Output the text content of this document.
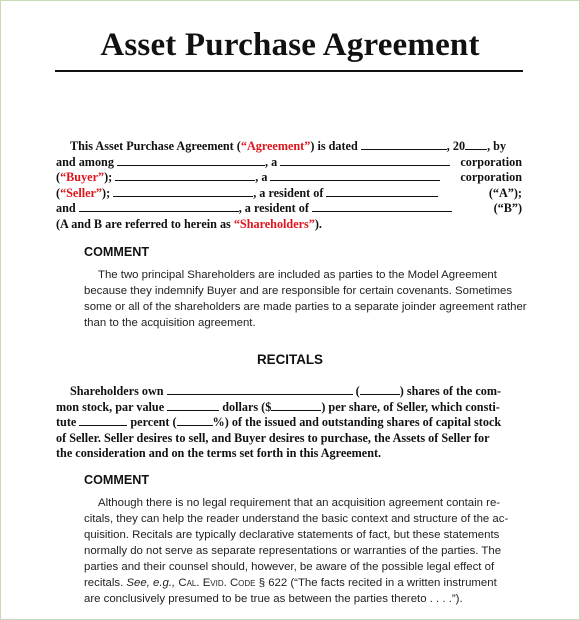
Asset Purchase Agreement
This Asset Purchase Agreement (“Agreement”) is dated	, 20 , by
and among	, a	corporation
(“Buyer”);	, a	corporation
(“Seller”);	, a resident of	(“A”);
and	, a resident of	(“B”)
(A and B are referred to herein as “Shareholders”).
COMMENT
The two principal Shareholders are included as parties to the Model Agreement
because they indemnify Buyer and are responsible for certain covenants. Sometimes
some or all of the shareholders are made parties to a separate joinder agreement rather
than to the acquisition agreement.
RECITALS
Shareholders own	(	) shares of the com-
mon stock, par value	dollars ($	) per share, of Seller, which consti-
tute	percent (	%) of the issued and outstanding shares of capital stock
of Seller. Seller desires to sell, and Buyer desires to purchase, the Assets of Seller for
the consideration and on the terms set forth in this Agreement.
COMMENT
Although there is no legal requirement that an acquisition agreement contain re-
citals, they can help the reader understand the basic context and structure of the ac-
quisition. Recitals are typically declarative statements of fact, but these statements
normally do not serve as separate representations or warranties of the parties. The
parties and their counsel should, however, be aware of the possible legal effect of
recitals. See, e.g., Cal. Evid. Code § 622 (“The facts recited in a written instrument
are conclusively presumed to be true as between the parties thereto . . . .”).
